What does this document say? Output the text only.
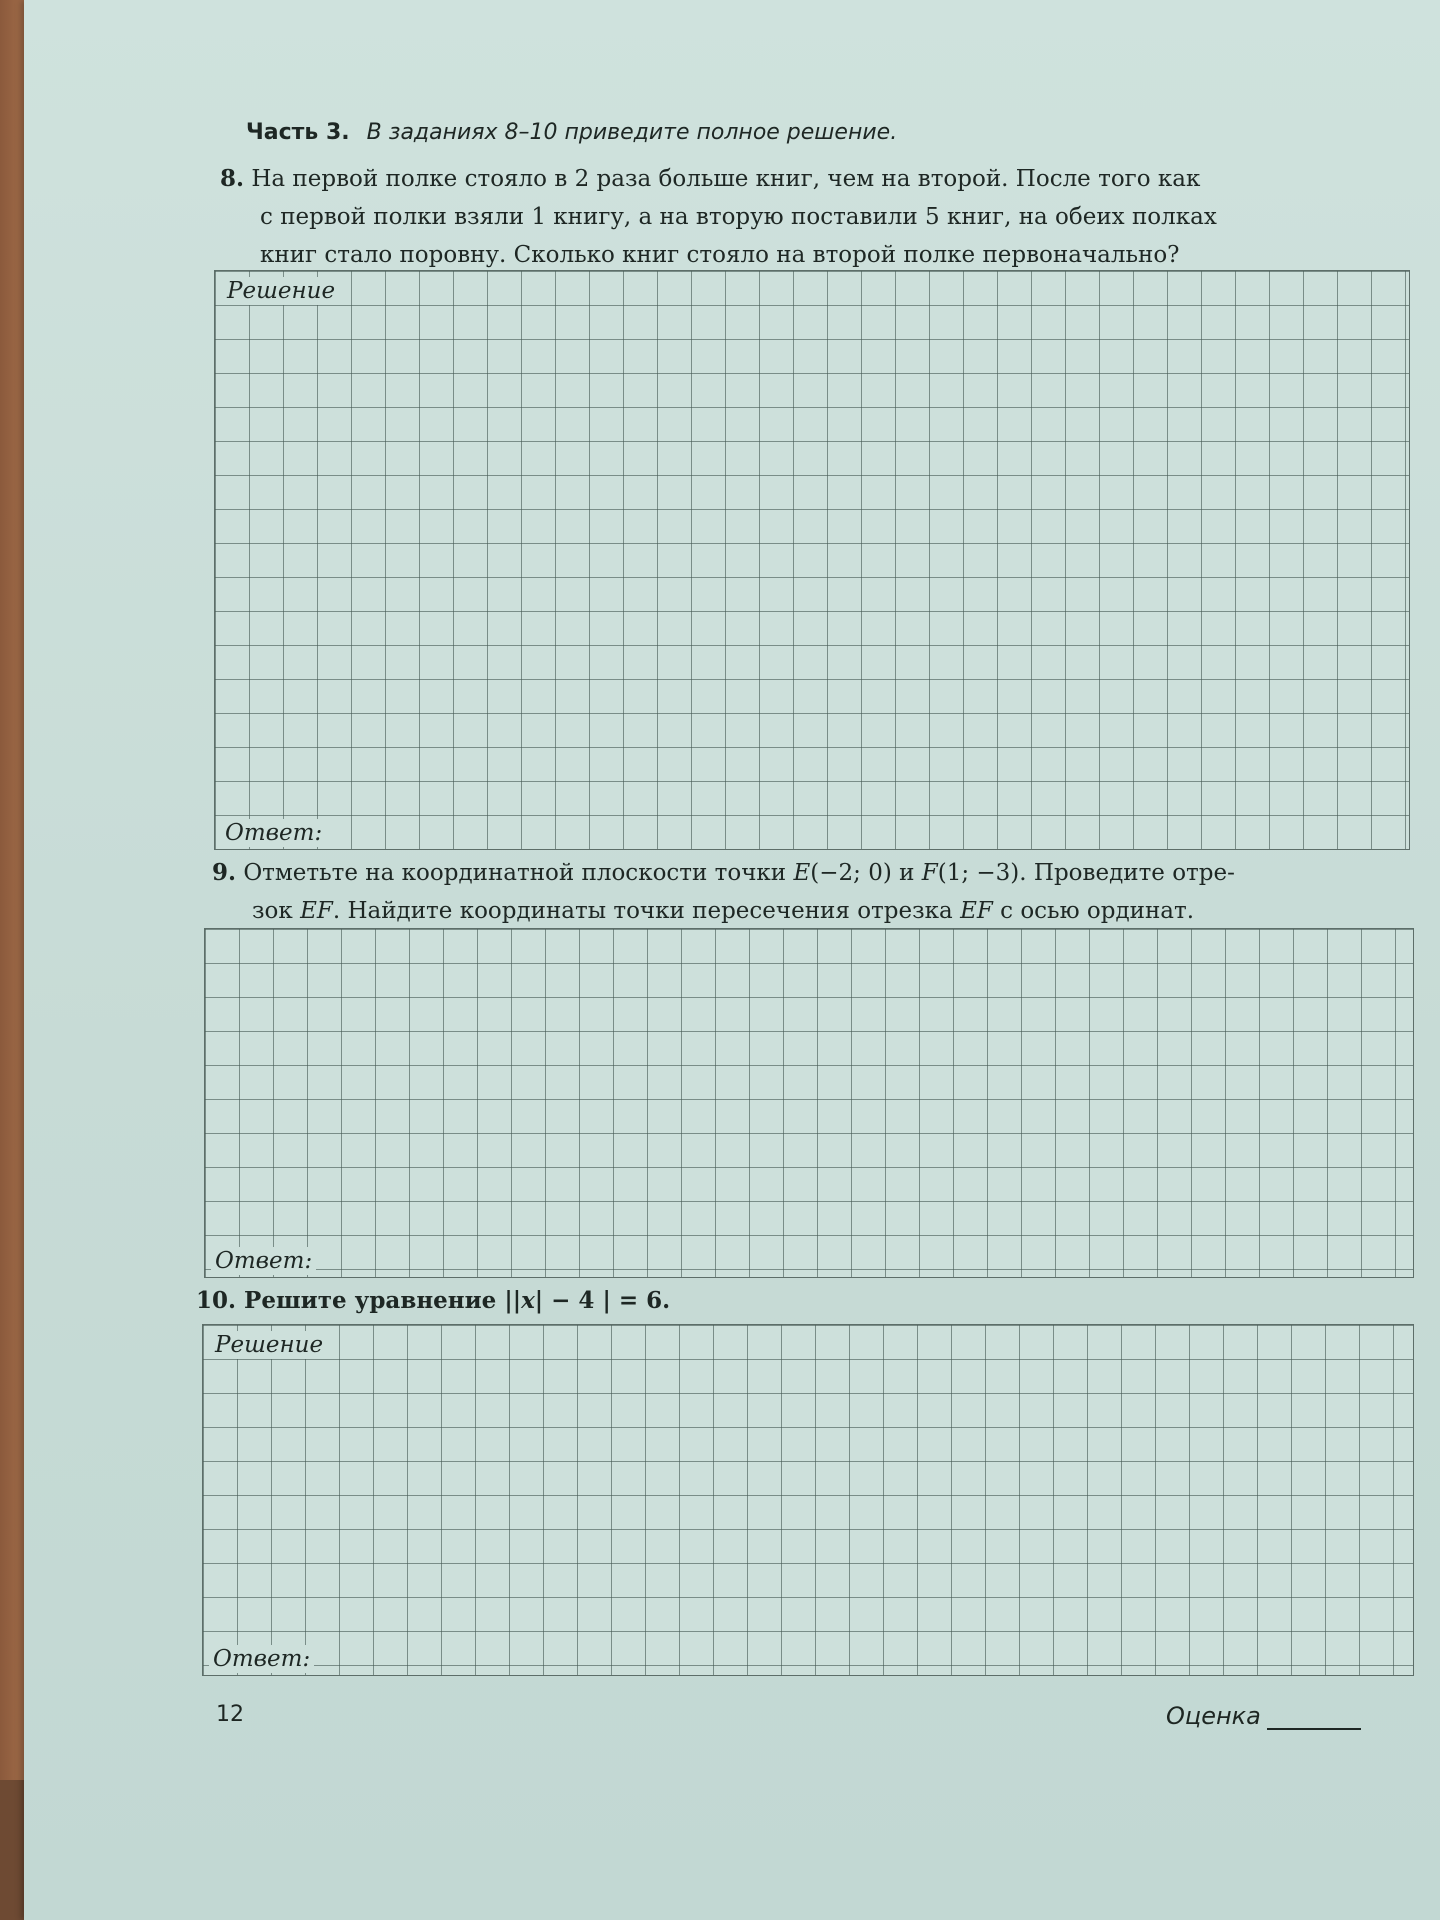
Часть 3. В заданиях 8–10 приведите полное решение.
8. На первой полке стояло в 2 раза больше книг, чем на второй. После того как
с первой полки взяли 1 книгу, а на вторую поставили 5 книг, на обеих полках
книг стало поровну. Сколько книг стояло на второй полке первоначально?
Решение
Ответ:
9. Отметьте на координатной плоскости точки E(−2; 0) и F(1; −3). Проведите отре-
зок EF. Найдите координаты точки пересечения отрезка EF с осью ординат.
Ответ:
10. Решите уравнение ||x| − 4 | = 6.
Решение
Ответ:
12	Оценка
